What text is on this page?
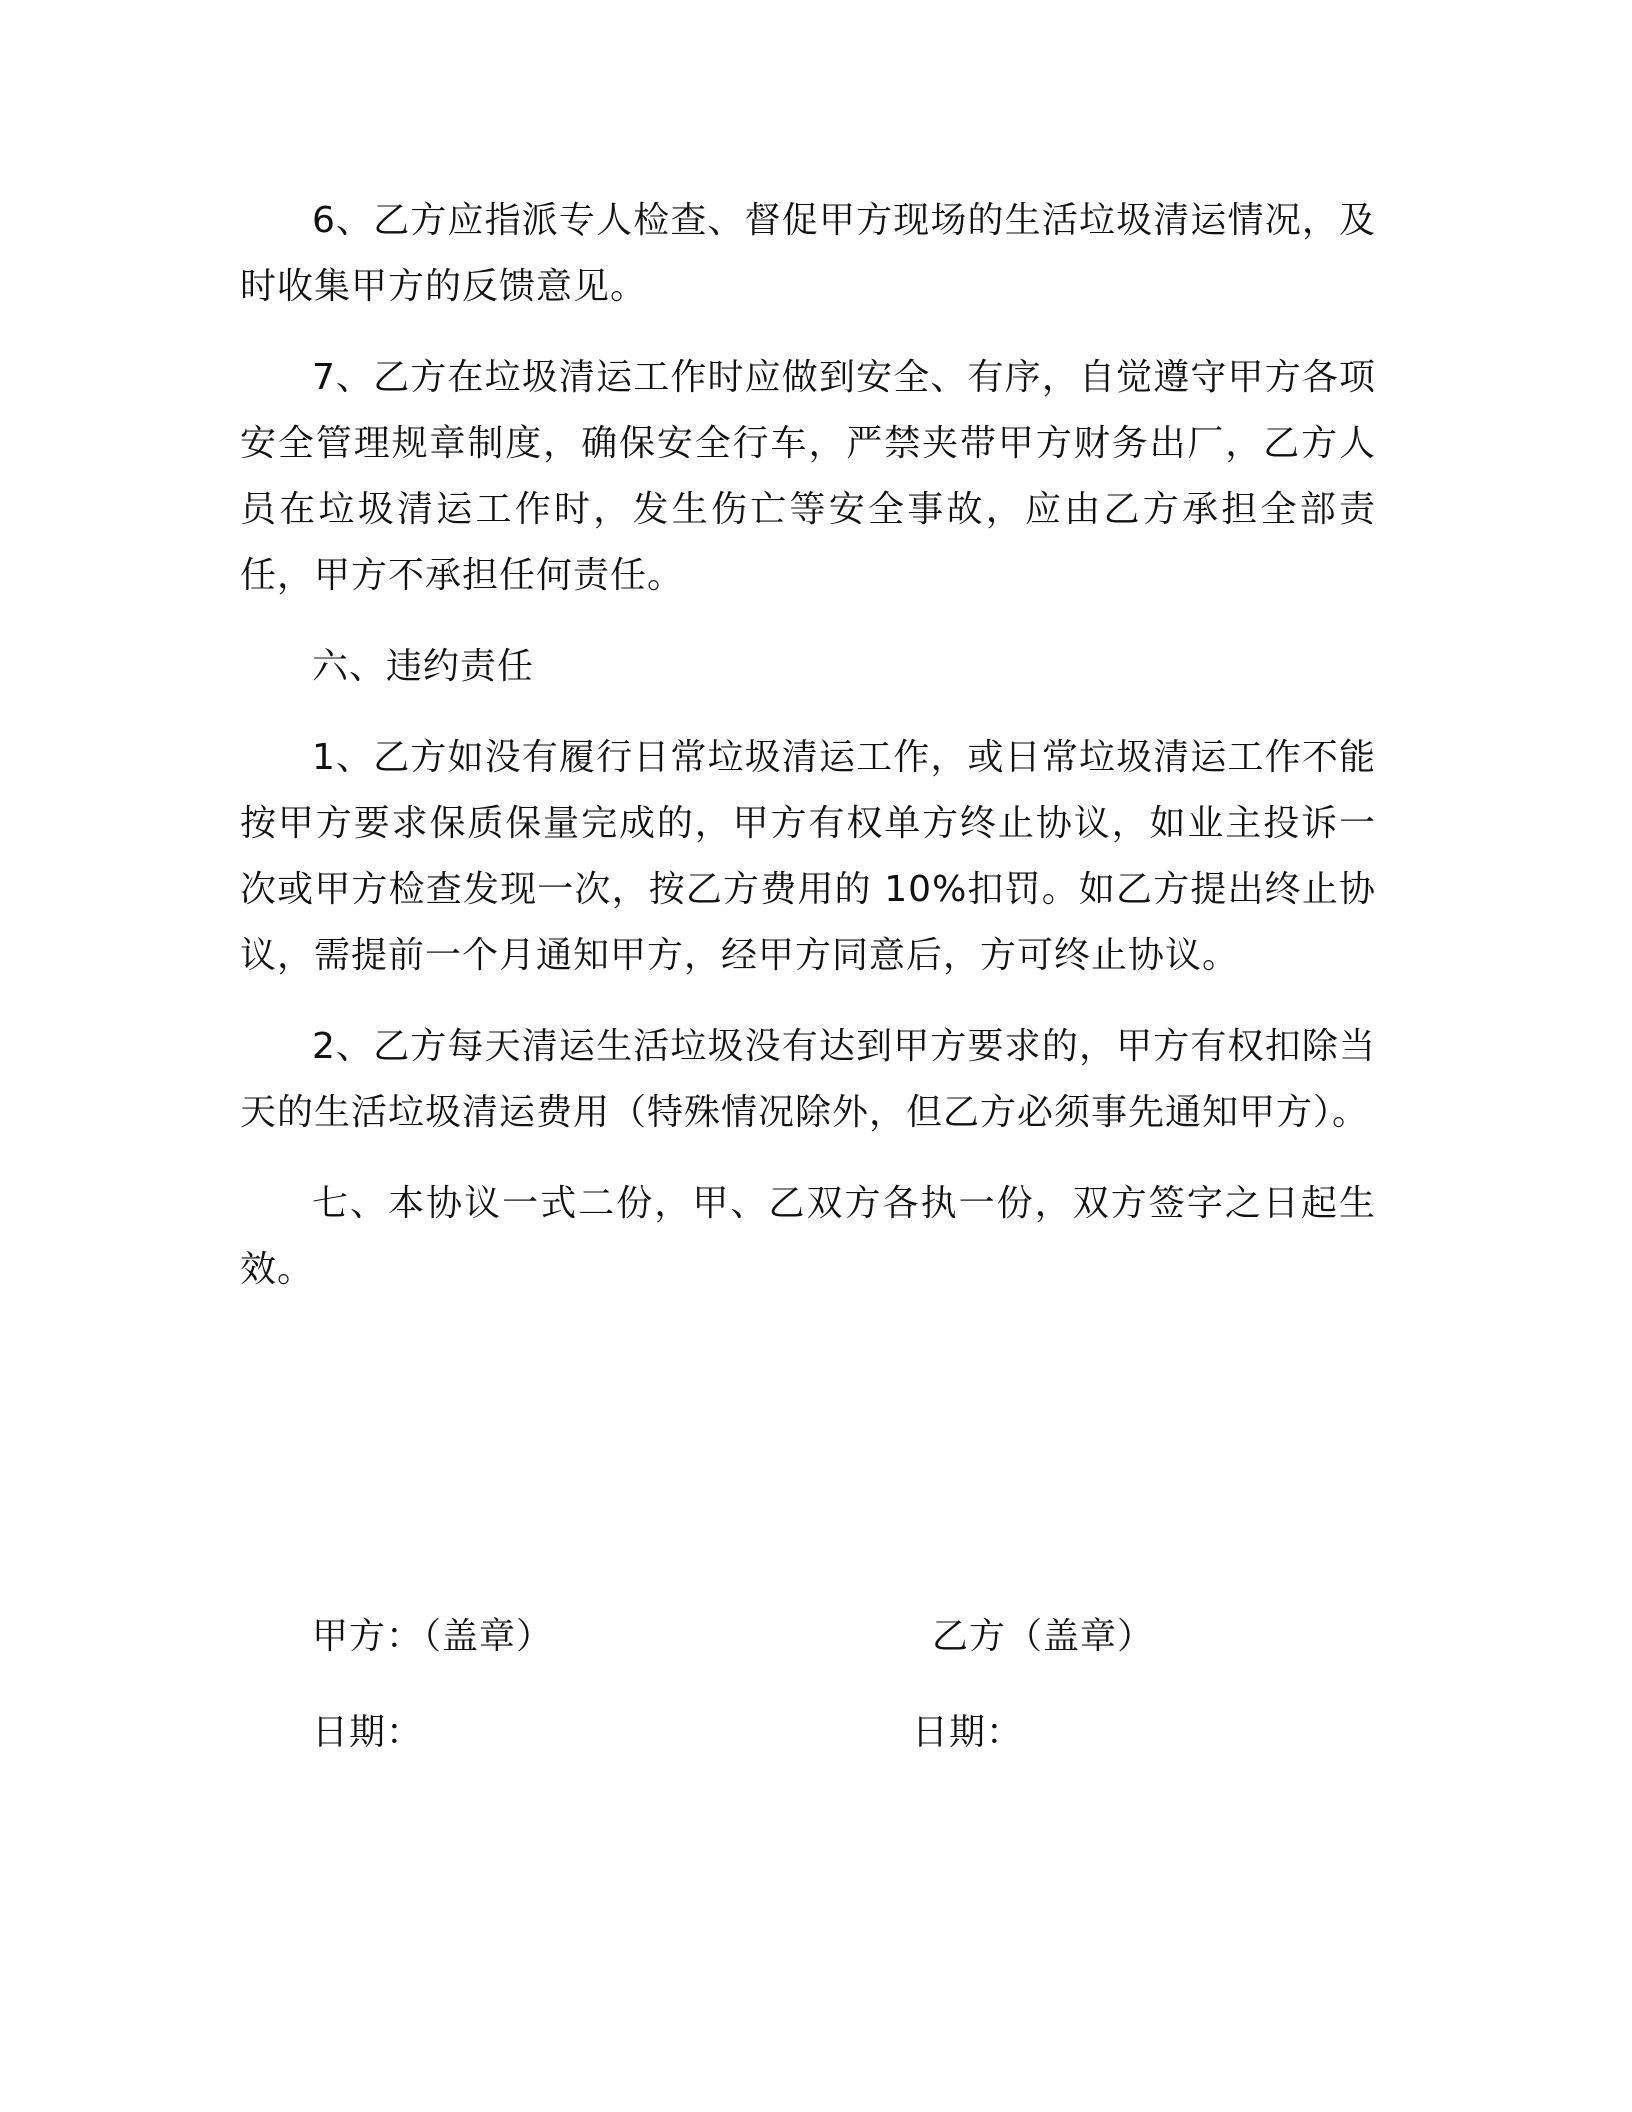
6、乙方应指派专人检查、督促甲方现场的生活垃圾清运情况，及时收集甲方的反馈意见。

7、乙方在垃圾清运工作时应做到安全、有序，自觉遵守甲方各项安全管理规章制度，确保安全行车，严禁夹带甲方财务出厂，乙方人员在垃圾清运工作时，发生伤亡等安全事故，应由乙方承担全部责任，甲方不承担任何责任。

六、违约责任

1、乙方如没有履行日常垃圾清运工作，或日常垃圾清运工作不能按甲方要求保质保量完成的，甲方有权单方终止协议，如业主投诉一次或甲方检查发现一次，按乙方费用的 10%扣罚。如乙方提出终止协议，需提前一个月通知甲方，经甲方同意后，方可终止协议。

2、乙方每天清运生活垃圾没有达到甲方要求的，甲方有权扣除当天的生活垃圾清运费用（特殊情况除外，但乙方必须事先通知甲方）。

七、本协议一式二份，甲、乙双方各执一份，双方签字之日起生效。

甲方：（盖章）	乙方（盖章）
日期：	日期：
